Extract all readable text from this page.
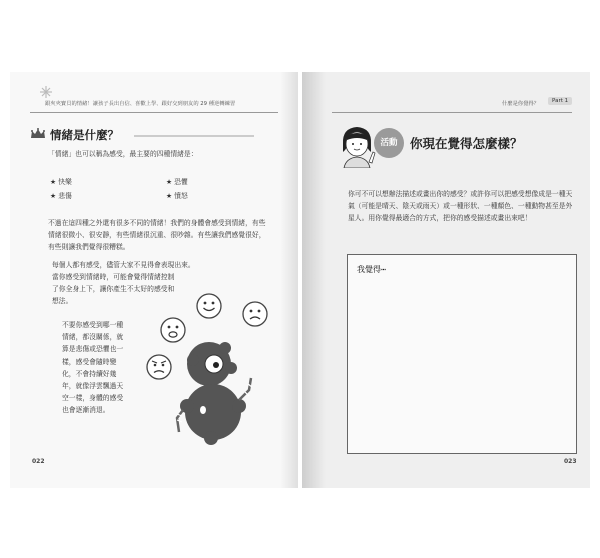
跟夾夾寶貝的情緒！讓孩子長出自信、喜歡上學、跟好交到朋友的 29 種逆轉練習
情緒是什麼？
「情緒」也可以稱為感受，最主要的四種情緒是：
★ 快樂	★ 恐懼
★ 悲傷	★ 憤怒

不過在這四種之外還有很多不同的情緒！我們的身體會感受到情緒，有些情緒很微小、很安靜，有些情緒很沉重、很吵雜。有些讓我們感覺很好，有些則讓我們覺得很糟糕。

每個人都有感受，儘管大家不見得會表現出來。

當你感受到情緒時，可能會覺得情緒控制了你全身上下，讓你產生不太好的感受和想法。

不要你感受到哪一種情緒，都沒關係，就算是悲傷或恐懼也一樣，感受會隨時變化，不會持續好幾年，就像浮雲飄過天空一樣，身體的感受也會逐漸消退。

022
什麼是你覺得？	Part 1
活動	你現在覺得怎麼樣？
你可不可以想辦法描述或畫出你的感受？或許你可以把感受想像成是一種天氣（可能是晴天、陰天或雨天）或一種形狀、一種顏色、一種動物甚至是外星人。用你覺得最適合的方式，把你的感受描述或畫出來吧！
我覺得⋯
023
